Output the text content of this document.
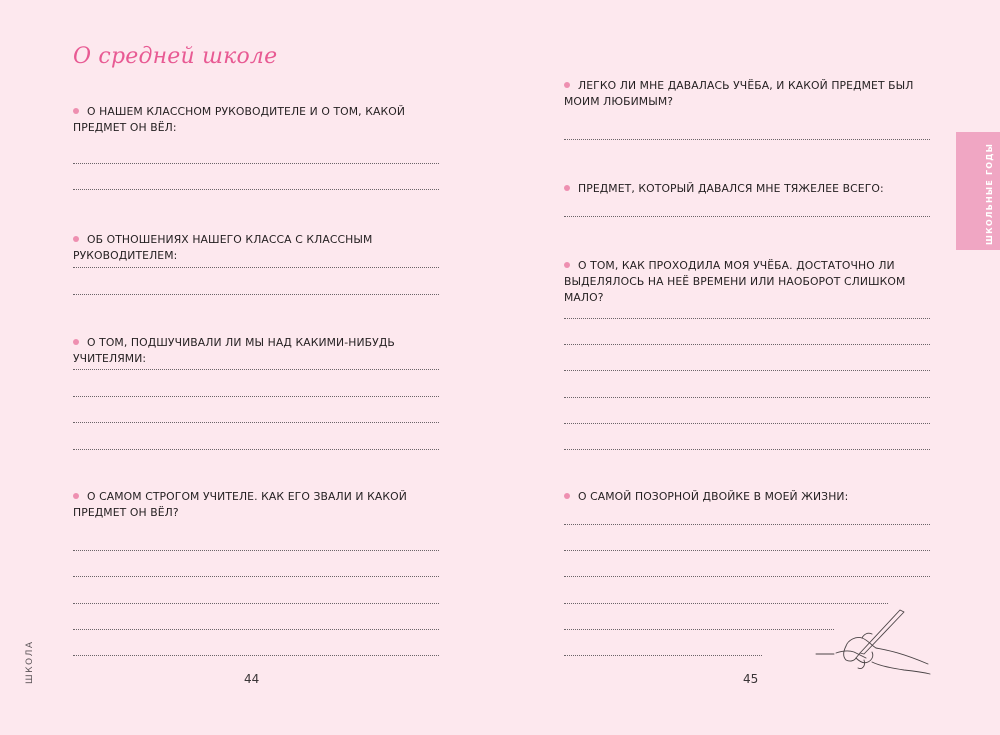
О средней школе
О НАШЕМ КЛАССНОМ РУКОВОДИТЕЛЕ И О ТОМ, КАКОЙ ПРЕДМЕТ ОН ВЁЛ:
ОБ ОТНОШЕНИЯХ НАШЕГО КЛАССА С КЛАССНЫМ РУКОВОДИТЕЛЕМ:
О ТОМ, ПОДШУЧИВАЛИ ЛИ МЫ НАД КАКИМИ-НИБУДЬ УЧИТЕЛЯМИ:
О САМОМ СТРОГОМ УЧИТЕЛЕ. КАК ЕГО ЗВАЛИ И КАКОЙ ПРЕДМЕТ ОН ВЁЛ?
44
ШКОЛА
ЛЕГКО ЛИ МНЕ ДАВАЛАСЬ УЧЁБА, И КАКОЙ ПРЕДМЕТ БЫЛ МОИМ ЛЮБИМЫМ?
ПРЕДМЕТ, КОТОРЫЙ ДАВАЛСЯ МНЕ ТЯЖЕЛЕЕ ВСЕГО:
О ТОМ, КАК ПРОХОДИЛА МОЯ УЧЁБА. ДОСТАТОЧНО ЛИ ВЫДЕЛЯЛОСЬ НА НЕЁ ВРЕМЕНИ ИЛИ НАОБОРОТ СЛИШКОМ МАЛО?
О САМОЙ ПОЗОРНОЙ ДВОЙКЕ В МОЕЙ ЖИЗНИ:
45
ШКОЛЬНЫЕ ГОДЫ
